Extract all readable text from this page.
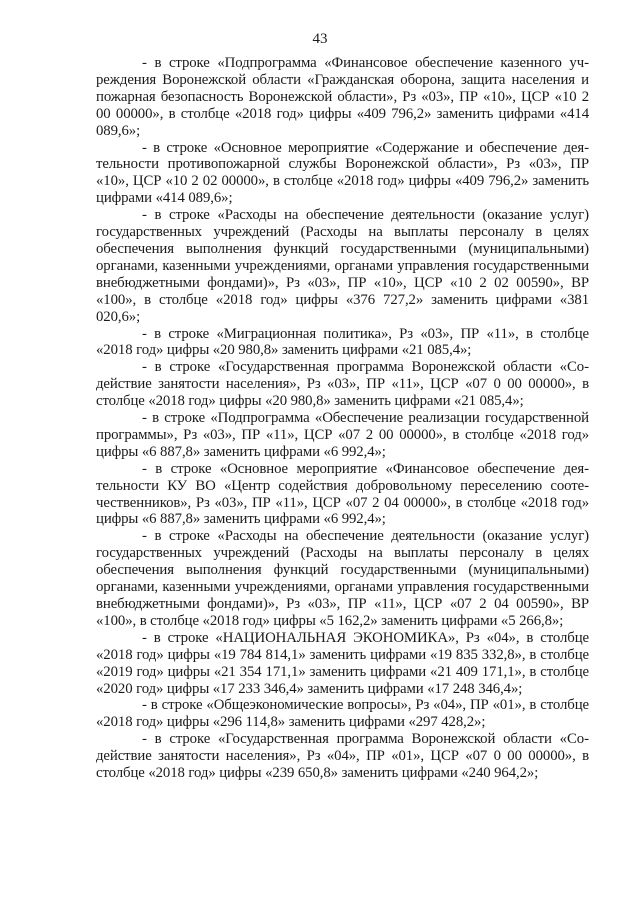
43

- в строке «Подпрограмма «Финансовое обеспечение казенного учреждения Воронежской области «Гражданская оборона, защита населения и пожарная безопасность Воронежской области», Рз «03», ПР «10», ЦСР «10 2 00 00000», в столбце «2018 год» цифры «409 796,2» заменить цифрами «414 089,6»;

- в строке «Основное мероприятие «Содержание и обеспечение деятельности противопожарной службы Воронежской области», Рз «03», ПР «10», ЦСР «10 2 02 00000», в столбце «2018 год» цифры «409 796,2» заменить цифрами «414 089,6»;

- в строке «Расходы на обеспечение деятельности (оказание услуг) государственных учреждений (Расходы на выплаты персоналу в целях обеспечения выполнения функций государственными (муниципальными) органами, казенными учреждениями, органами управления государственными внебюджетными фондами)», Рз «03», ПР «10», ЦСР «10 2 02 00590», ВР «100», в столбце «2018 год» цифры «376 727,2» заменить цифрами «381 020,6»;

- в строке «Миграционная политика», Рз «03», ПР «11», в столбце «2018 год» цифры «20 980,8» заменить цифрами «21 085,4»;

- в строке «Государственная программа Воронежской области «Содействие занятости населения», Рз «03», ПР «11», ЦСР «07 0 00 00000», в столбце «2018 год» цифры «20 980,8» заменить цифрами «21 085,4»;

- в строке «Подпрограмма «Обеспечение реализации государственной программы», Рз «03», ПР «11», ЦСР «07 2 00 00000», в столбце «2018 год» цифры «6 887,8» заменить цифрами «6 992,4»;

- в строке «Основное мероприятие «Финансовое обеспечение деятельности КУ ВО «Центр содействия добровольному переселению соотечественников», Рз «03», ПР «11», ЦСР «07 2 04 00000», в столбце «2018 год» цифры «6 887,8» заменить цифрами «6 992,4»;

- в строке «Расходы на обеспечение деятельности (оказание услуг) государственных учреждений (Расходы на выплаты персоналу в целях обеспечения выполнения функций государственными (муниципальными) органами, казенными учреждениями, органами управления государственными внебюджетными фондами)», Рз «03», ПР «11», ЦСР «07 2 04 00590», ВР «100», в столбце «2018 год» цифры «5 162,2» заменить цифрами «5 266,8»;

- в строке «НАЦИОНАЛЬНАЯ ЭКОНОМИКА», Рз «04», в столбце «2018 год» цифры «19 784 814,1» заменить цифрами «19 835 332,8», в столбце «2019 год» цифры «21 354 171,1» заменить цифрами «21 409 171,1», в столбце «2020 год» цифры «17 233 346,4» заменить цифрами «17 248 346,4»;

- в строке «Общеэкономические вопросы», Рз «04», ПР «01», в столбце «2018 год» цифры «296 114,8» заменить цифрами «297 428,2»;

- в строке «Государственная программа Воронежской области «Содействие занятости населения», Рз «04», ПР «01», ЦСР «07 0 00 00000», в столбце «2018 год» цифры «239 650,8» заменить цифрами «240 964,2»;
